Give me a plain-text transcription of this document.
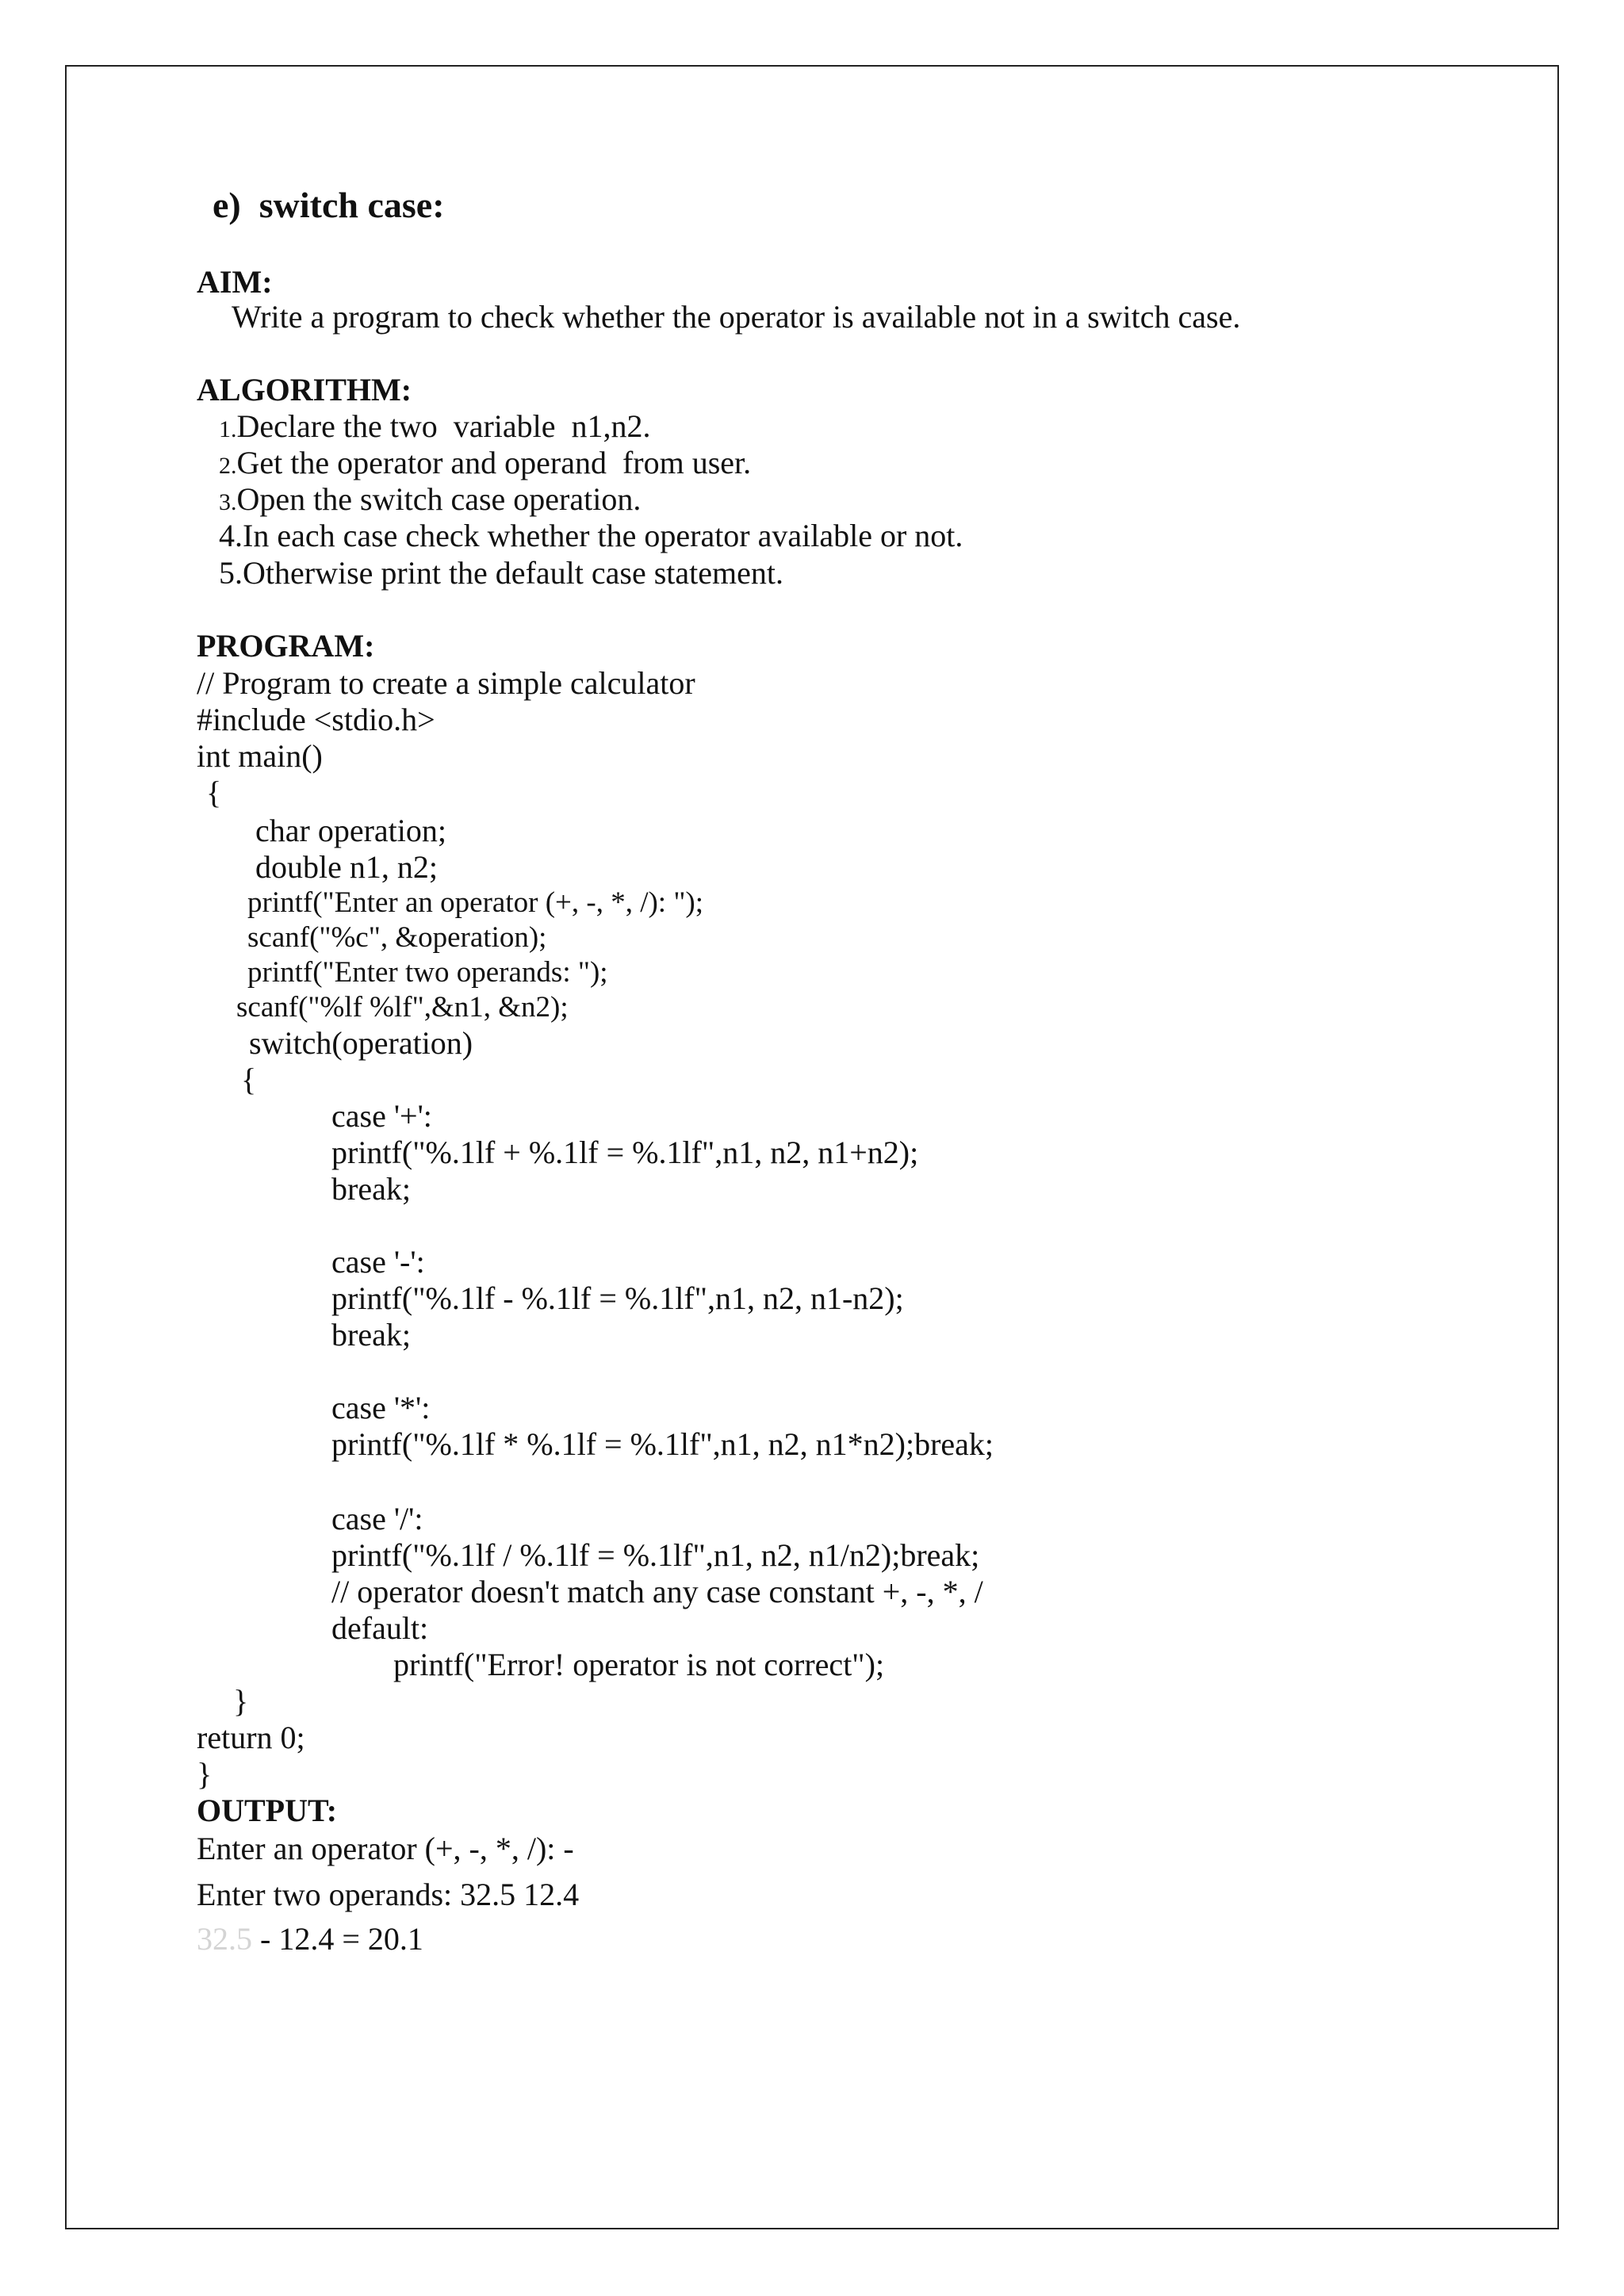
e)  switch case:
AIM:
Write a program to check whether the operator is available not in a switch case.
ALGORITHM:
1.Declare the two  variable  n1,n2.
2.Get the operator and operand  from user.
3.Open the switch case operation.
4.In each case check whether the operator available or not.
5.Otherwise print the default case statement.
PROGRAM:
// Program to create a simple calculator
#include <stdio.h>
int main()
{
char operation;
double n1, n2;
printf("Enter an operator (+, -, *, /): ");
scanf("%c", &operation);
printf("Enter two operands: ");
scanf("%lf %lf",&n1, &n2);
switch(operation)
{
case '+':
printf("%.1lf + %.1lf = %.1lf",n1, n2, n1+n2);
break;
case '-':
printf("%.1lf - %.1lf = %.1lf",n1, n2, n1-n2);
break;
case '*':
printf("%.1lf * %.1lf = %.1lf",n1, n2, n1*n2);break;
case '/':
printf("%.1lf / %.1lf = %.1lf",n1, n2, n1/n2);break;
// operator doesn't match any case constant +, -, *, /
default:
printf("Error! operator is not correct");
}
return 0;
}
OUTPUT:
Enter an operator (+, -, *, /): -
Enter two operands: 32.5 12.4
32.5 - 12.4 = 20.1
